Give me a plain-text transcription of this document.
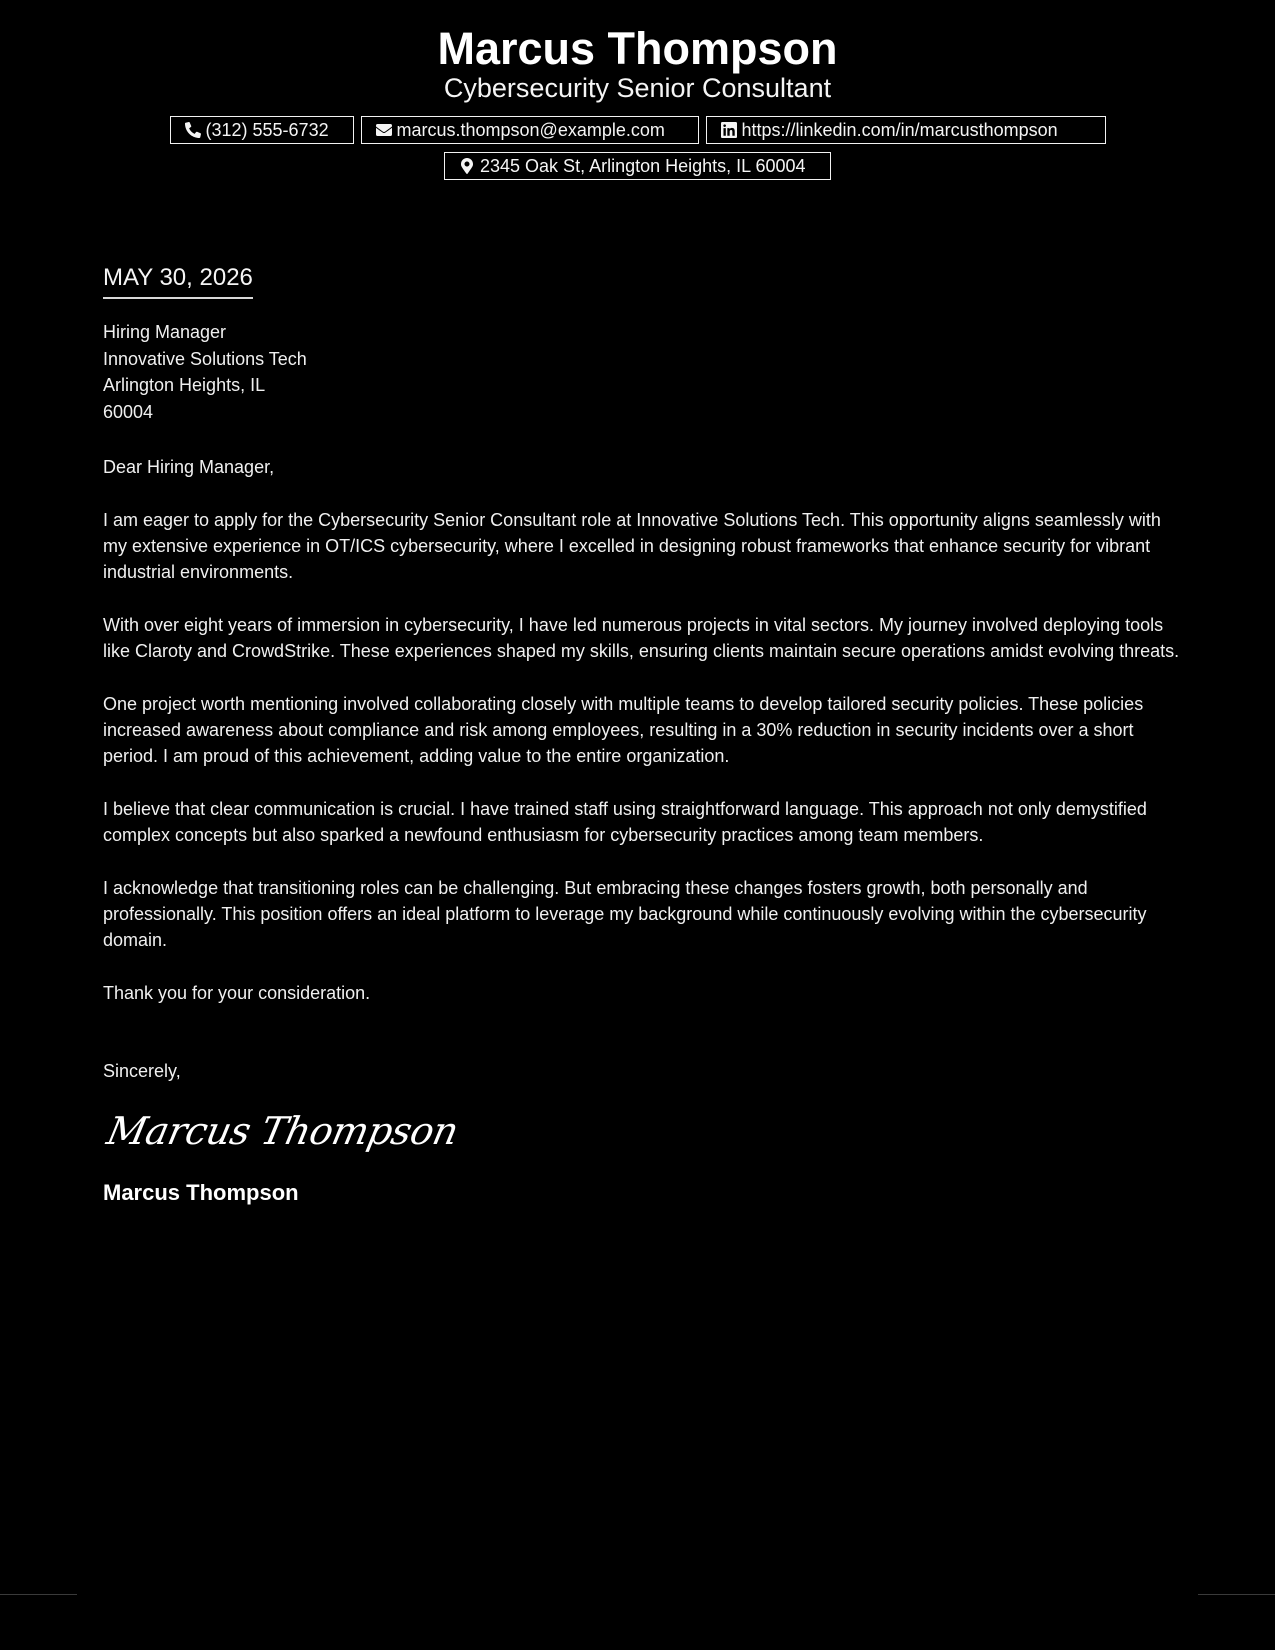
Marcus Thompson
Cybersecurity Senior Consultant
(312) 555-6732	marcus.thompson@example.com	https://linkedin.com/in/marcusthompson
2345 Oak St, Arlington Heights, IL 60004
MAY 30, 2026
Hiring Manager
Innovative Solutions Tech
Arlington Heights, IL
60004
Dear Hiring Manager,
I am eager to apply for the Cybersecurity Senior Consultant role at Innovative Solutions Tech. This opportunity aligns seamlessly with my extensive experience in OT/ICS cybersecurity, where I excelled in designing robust frameworks that enhance security for vibrant industrial environments.
With over eight years of immersion in cybersecurity, I have led numerous projects in vital sectors. My journey involved deploying tools like Claroty and CrowdStrike. These experiences shaped my skills, ensuring clients maintain secure operations amidst evolving threats.
One project worth mentioning involved collaborating closely with multiple teams to develop tailored security policies. These policies increased awareness about compliance and risk among employees, resulting in a 30% reduction in security incidents over a short period. I am proud of this achievement, adding value to the entire organization.
I believe that clear communication is crucial. I have trained staff using straightforward language. This approach not only demystified complex concepts but also sparked a newfound enthusiasm for cybersecurity practices among team members.
I acknowledge that transitioning roles can be challenging. But embracing these changes fosters growth, both personally and professionally. This position offers an ideal platform to leverage my background while continuously evolving within the cybersecurity domain.
Thank you for your consideration.
Sincerely,
Marcus Thompson
Marcus Thompson
